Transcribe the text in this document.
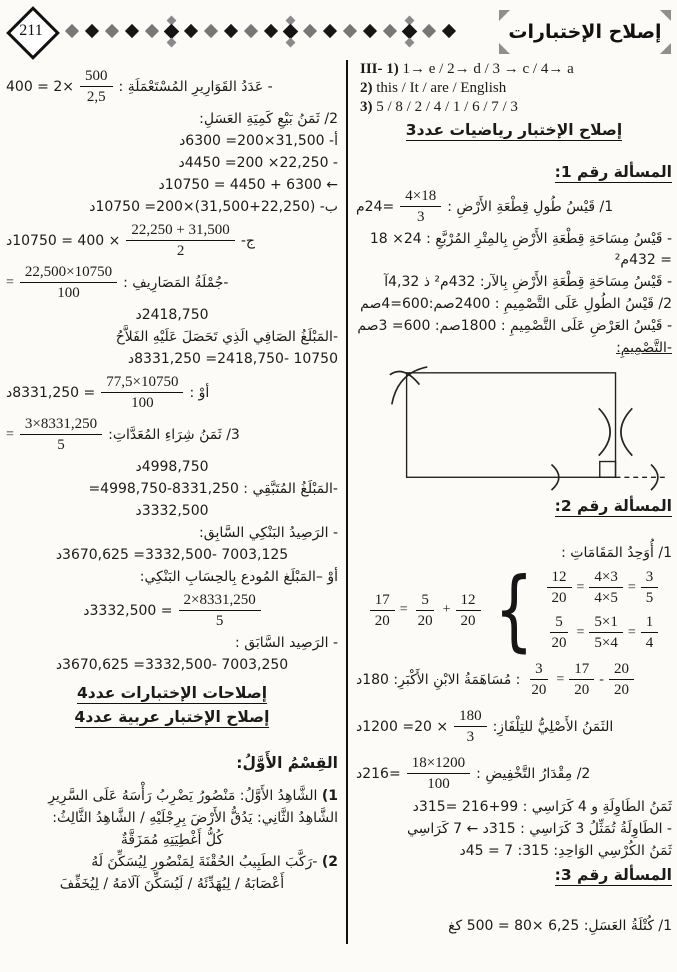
211	إصلاح الإختبارات
- عَدَدُ القَوَارِيرِ المُسْتَعْمَلَةِ :
$\frac{500}{2,5}$
×2 = 400
2/ ثَمَنُ بَيْعِ كَمِيَةِ العَسَلِ:
أ- 31,500×200= 6300د
- 22,250× 200= 4450د
← 6300 + 4450 = 10750د
ب- (22,250+31,500)×200= 10750د
ج-
$\frac{22,250 + 31,500}{2}$
× 400 = 10750د
-جُمْلَةُ المَصَارِيفِ :
$\frac{22,500\times 10750}{100}$
=
2418,750د
-المَبْلَغُ الصَافِي الَذِي تَحَصَلَ عَلَيْهِ الفَلاَّحُ
10750 -2418,750= 8331,250د
أوْ :
$\frac{77,5\times 10750}{100}$
= 8331,250د
3/ ثَمَنُ شِرَاءِ المُعَدَّاتِ:
$\frac{3\times 8331,250}{5}$
=
4998,750د
-المَبْلَغُ المُتَبَّقِي : 8331,250-4998,750=
3332,500د
- الرَصِيدُ البَنْكِي السَّابِق:
7003,125 -3332,500= 3670,625د
أوْ –المَبْلَغ المُودع بِالحِسَابِ البَنْكِي:
$\frac{2\times 8331,250}{5}$
= 3332,500د
- الرَصِيد السَّابَق :
7003,250 -3332,500= 3670,625د
إصلاحات الإختبارات عدد4
إصلاح الإختبار عربية عدد4
القِسْمُ الأَوَّلُ:
1) الشَّاهِدُ الأَوَّلُ: مَنْصُورُ يَضْرِبُ رَأْسَهُ عَلَى السَّرِيرِ
الشَّاهِدُ الثَّانِي: يَدُقُّ الأَرْضَ بِرِجْلَيْهِ / الشَّاهِدُ الثَّالِثُ:
كُلُّ أَغْطِيَتِهِ مُمَزَقَّةٌ
2) -رَكَّبَ الطَبِيبُ الحُقْنَةَ لِمَنْصُورِ لِيُسَكِّنَ لَهُ
أَعْصَابَهُ / لِيُهَدِّئَهُ / لَيُسَكِّنَ آلَامَهُ / لِيُخَفِّفَ
III- 1) 1→ e / 2→ d / 3 → c / 4→ a
2) this / It / are / English
3) 5 / 8 / 2 / 4 / 1 / 6 / 7 / 3
إصلاح الإختبار رياضيات عدد3
المسألة رقم 1:
1/ قَيْسُ طُولِ قِطْعَةِ الأَرْضِ :
$\frac{4\times 18}{3}$
=24م
- قَيْسُ مِسَاحَةِ قِطْعَةِ الأَرْضِ بِالمِتْرِ المُرْبَّعِ : 24× 18 = 432م²
- قَيْسُ مِسَاحَةِ قِطْعَةِ الأَرْضِ بِالآر: 432م² ذ 4,32آ
2/ قَيْسُ الطُولِ عَلَى التَّصْمِيمِ : 2400صم:600=4صم
- قَيْسُ العَرْضِ عَلَى التَّصْمِيمِ : 1800صم: 600= 3صم
-التَّصْمِيمِ:
المسألة رقم 2:
1/ أُوَحِدُ المَقَامَاتِ :
$\frac{17}{20} = \frac{5}{20} + \frac{12}{20}$ { $\frac{12}{20} = \frac{4\times 3}{4\times 5} = \frac{3}{5}$
$\frac{5}{20} = \frac{5\times 1}{5\times 4} = \frac{1}{4}$
$\frac{3}{20} = \frac{17}{20} - \frac{20}{20}$
: مُسَاهَمَةُ الابْنِ الأَكْبَرِ: 180د
الثَمَنُ الأَصْلِيُّ للتِلْفَازِ:
$\frac{180}{3}$
× 20= 1200د
2/ مِقْدَارُ التَّخْفِيضِ :
$\frac{18\times 1200}{100}$
=216د
ثَمَنُ الطَاوِلَةِ و 4 كَرَاسِي : 99+216 =315د
- الطَاوِلَةُ تُمَثِّلُ 3 كَرَاسِي : 315د ← 7 كَرَاسِي
ثَمَنُ الكُرْسِي الوَاحِدِ: 315: 7 = 45د
المسألة رقم 3:
1/ كُتْلَةُ العَسَلِ: 6,25 ×80 = 500 كغ
